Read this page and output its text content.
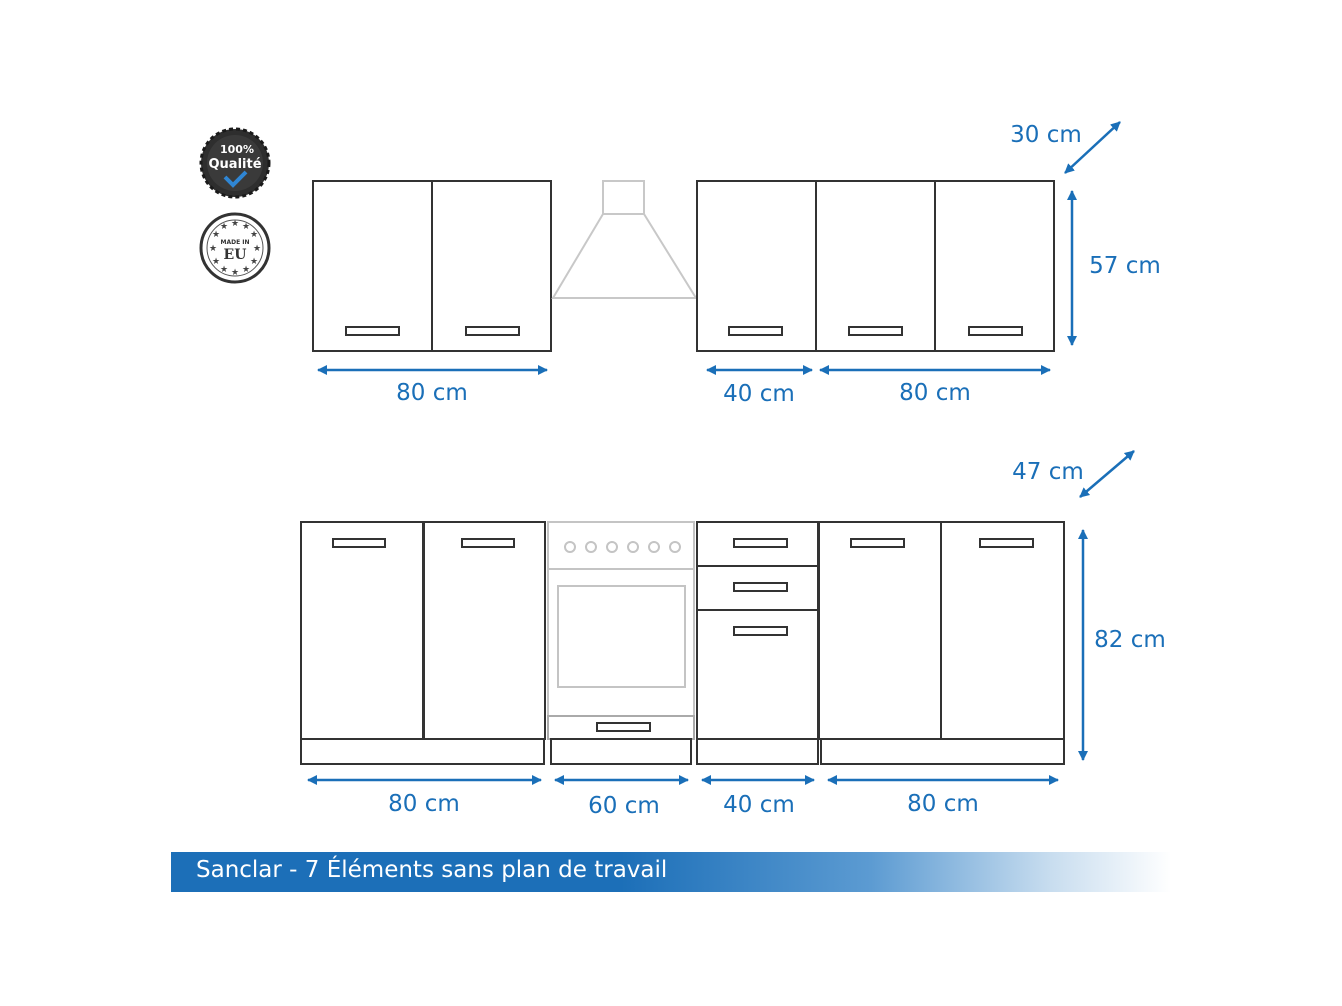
100%
Qualité
★ ★
★
★
★
★
★
★
★
★
★
★
MADE IN
EU
30 cm
57 cm
80 cm	40 cm	80 cm
47 cm
82 cm
80 cm	60 cm	40 cm	80 cm
Sanclar - 7 Éléments sans plan de travail
